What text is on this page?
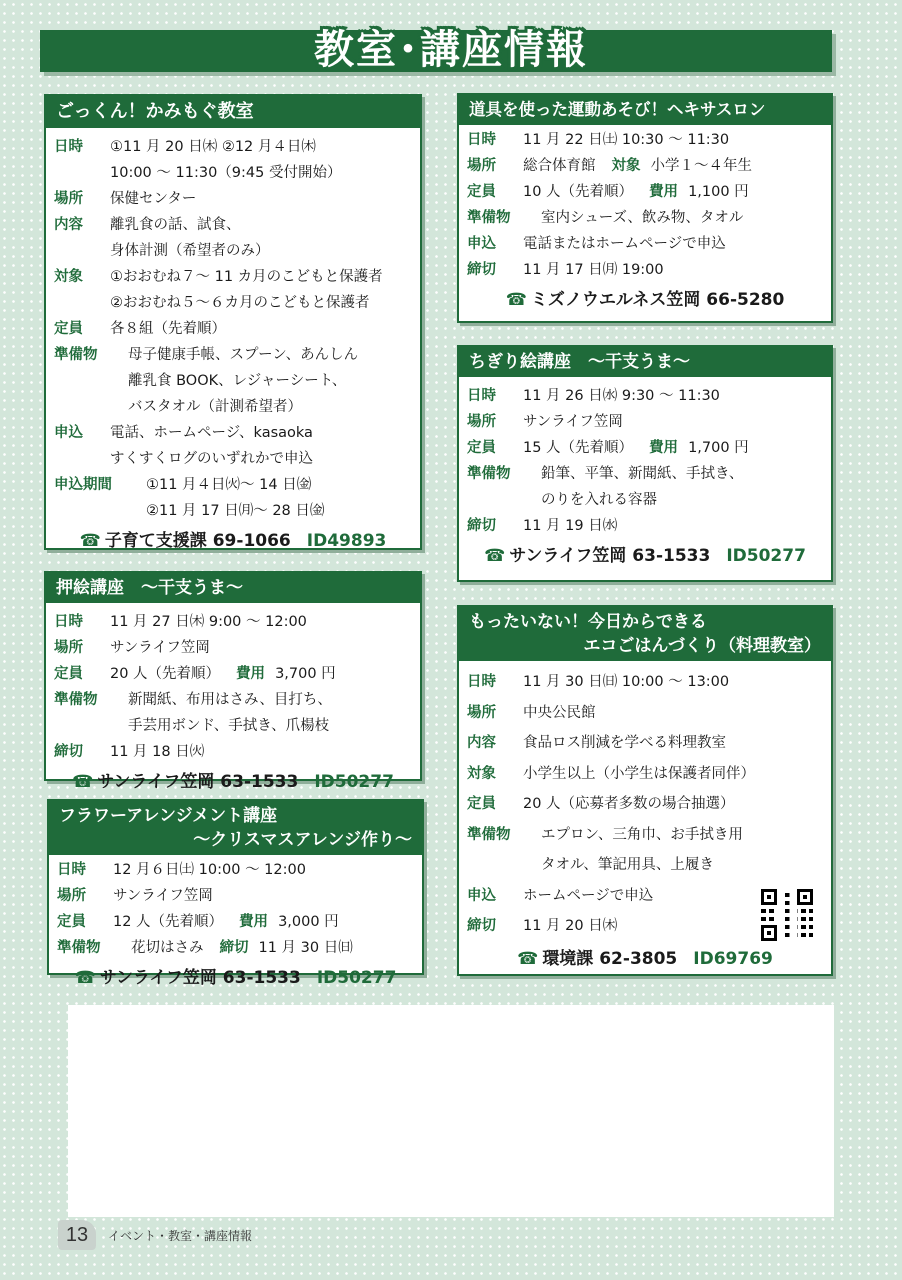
教室･講座情報
ごっくん！かみもぐ教室
日時	①11 月 20 日㈭ ②12 月４日㈭
10:00 ～ 11:30（9:45 受付開始）
場所	保健センター
内容	離乳食の話、試食、
身体計測（希望者のみ）
対象	①おおむね７～ 11 カ月のこどもと保護者
②おおむね５～６カ月のこどもと保護者
定員	各８組（先着順）
準備物	母子健康手帳、スプーン、あんしん
離乳食 BOOK、レジャーシート、
バスタオル（計測希望者）
申込	電話、ホームページ、kasaoka
すくすくログのいずれかで申込
申込期間	①11 月４日㈫～ 14 日㈮
②11 月 17 日㈪～ 28 日㈮
☎ 子育て支援課 69-1066 ID49893
押絵講座　～干支うま～
日時	11 月 27 日㈭ 9:00 ～ 12:00
場所	サンライフ笠岡
定員	20 人（先着順） 費用 3,700 円
準備物	新聞紙、布用はさみ、目打ち、
手芸用ボンド、手拭き、爪楊枝
締切	11 月 18 日㈫
☎ サンライフ笠岡 63-1533 ID50277
フラワーアレンジメント講座
～クリスマスアレンジ作り～
日時	12 月６日㈯ 10:00 ～ 12:00
場所	サンライフ笠岡
定員	12 人（先着順） 費用 3,000 円
準備物	花切はさみ 締切 11 月 30 日㈰
☎ サンライフ笠岡 63-1533 ID50277
道具を使った運動あそび！ヘキサスロン
日時	11 月 22 日㈯ 10:30 ～ 11:30
場所	総合体育館 対象 小学１～４年生
定員	10 人（先着順） 費用 1,100 円
準備物	室内シューズ、飲み物、タオル
申込	電話またはホームページで申込
締切	11 月 17 日㈪ 19:00
☎ ミズノウエルネス笠岡 66-5280
ちぎり絵講座　～干支うま～
日時	11 月 26 日㈬ 9:30 ～ 11:30
場所	サンライフ笠岡
定員	15 人（先着順） 費用 1,700 円
準備物	鉛筆、平筆、新聞紙、手拭き、
のりを入れる容器
締切	11 月 19 日㈬
☎ サンライフ笠岡 63-1533 ID50277
もったいない！今日からできる
エコごはんづくり（料理教室）
日時	11 月 30 日㈰ 10:00 ～ 13:00
場所	中央公民館
内容	食品ロス削減を学べる料理教室
対象	小学生以上（小学生は保護者同伴）
定員	20 人（応募者多数の場合抽選）
準備物	エプロン、三角巾、お手拭き用
タオル、筆記用具、上履き
申込	ホームページで申込
締切	11 月 20 日㈭
☎ 環境課 62-3805 ID69769
13	イベント・教室・講座情報
